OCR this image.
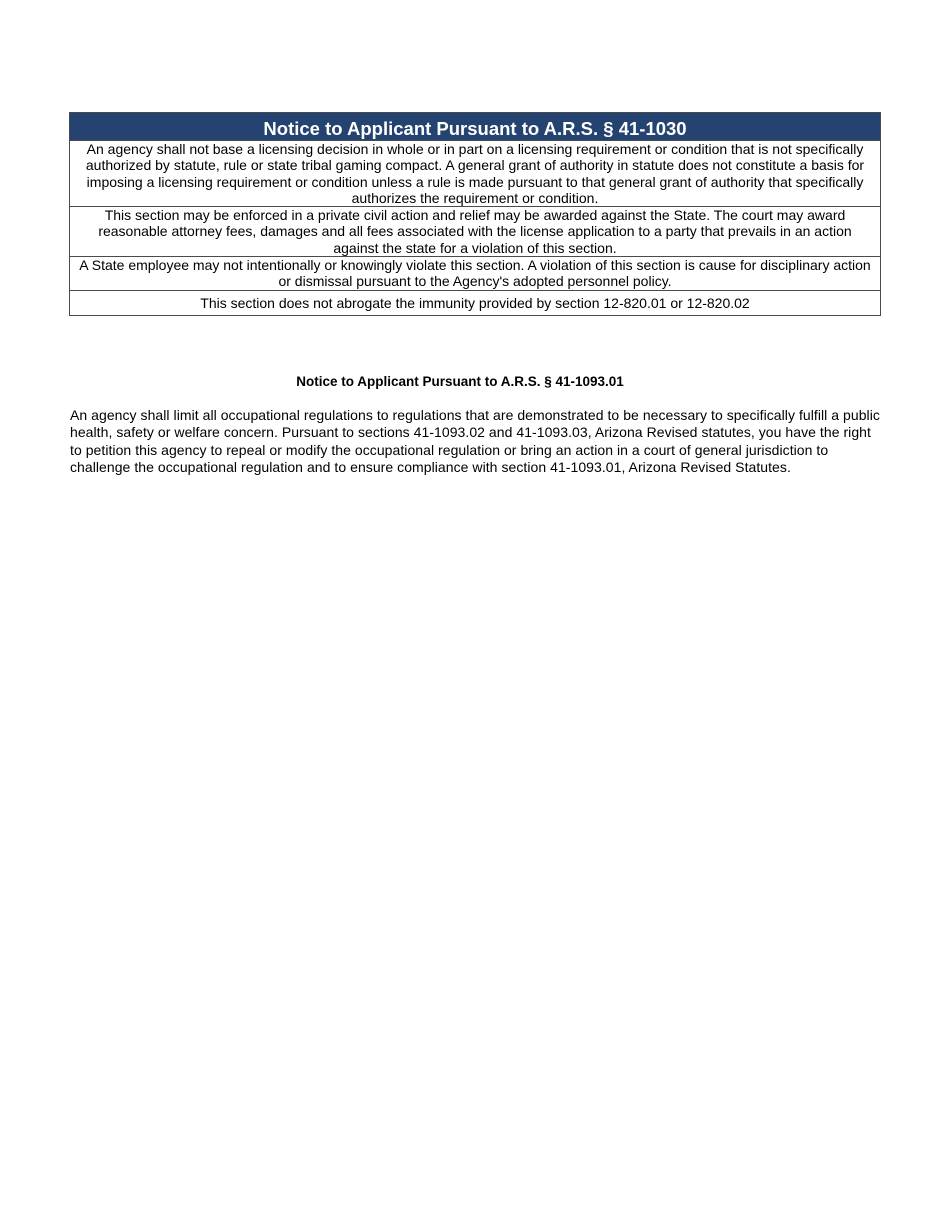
Notice to Applicant Pursuant to A.R.S. § 41-1030
An agency shall not base a licensing decision in whole or in part on a licensing requirement or condition that is not specifically authorized by statute, rule or state tribal gaming compact. A general grant of authority in statute does not constitute a basis for imposing a licensing requirement or condition unless a rule is made pursuant to that general grant of authority that specifically authorizes the requirement or condition.
This section may be enforced in a private civil action and relief may be awarded against the State. The court may award reasonable attorney fees, damages and all fees associated with the license application to a party that prevails in an action against the state for a violation of this section.
A State employee may not intentionally or knowingly violate this section. A violation of this section is cause for disciplinary action or dismissal pursuant to the Agency's adopted personnel policy.
This section does not abrogate the immunity provided by section 12-820.01 or 12-820.02
Notice to Applicant Pursuant to A.R.S. § 41-1093.01
An agency shall limit all occupational regulations to regulations that are demonstrated to be necessary to specifically fulfill a public health, safety or welfare concern. Pursuant to sections 41-1093.02 and 41-1093.03, Arizona Revised statutes, you have the right to petition this agency to repeal or modify the occupational regulation or bring an action in a court of general jurisdiction to challenge the occupational regulation and to ensure compliance with section 41-1093.01, Arizona Revised Statutes.
